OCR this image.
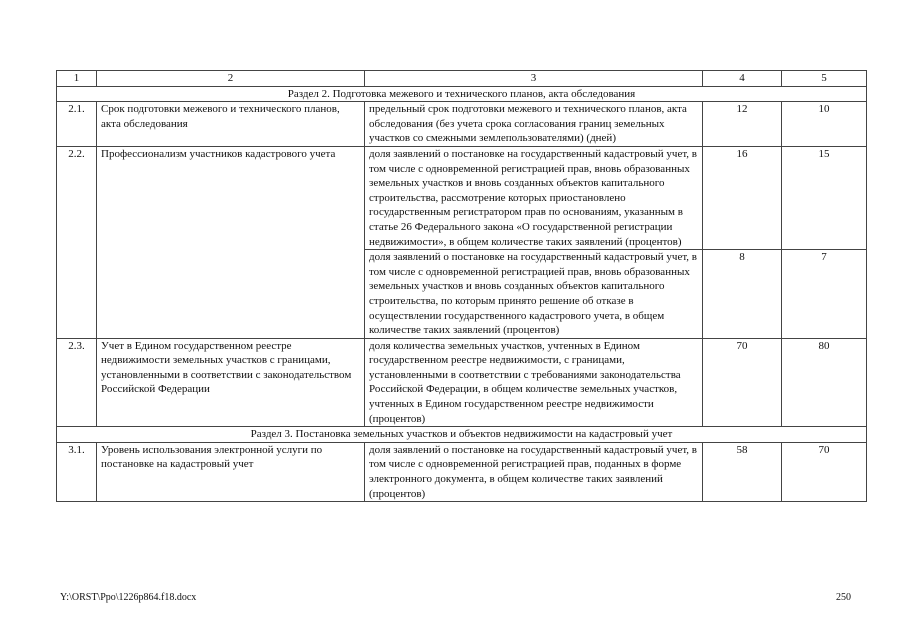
1	2	3	4	5
Раздел 2. Подготовка межевого и технического планов, акта обследования				
2.1.	Срок подготовки межевого и технического планов, акта обследования	предельный срок подготовки межевого и технического планов, акта обследования (без учета срока согласования границ земельных участков со смежными землепользователями) (дней)	12	10
2.2.	Профессионализм участников кадастрового учета	доля заявлений о постановке на государственный кадастровый учет, в том числе с одновременной регистрацией прав, вновь образованных земельных участков и вновь созданных объектов капитального строительства, рассмотрение которых приостановлено государственным регистратором прав по основаниям, указанным в статье 26 Федерального закона «О государственной регистрации недвижимости», в общем количестве таких заявлений (процентов)	16	15
		доля заявлений о постановке на государственный кадастровый учет, в том числе с одновременной регистрацией прав, вновь образованных земельных участков и вновь созданных объектов капитального строительства, по которым принято решение об отказе в осуществлении государственного кадастрового учета, в общем количестве таких заявлений (процентов)	8	7
2.3.	Учет в Едином государственном реестре недвижимости земельных участков с границами, установленными в соответствии с законодательством Российской Федерации	доля количества земельных участков, учтенных в Едином государственном реестре недвижимости, с границами, установленными в соответствии с требованиями законодательства Российской Федерации, в общем количестве земельных участков, учтенных в Едином государственном реестре недвижимости (процентов)	70	80
Раздел 3. Постановка земельных участков и объектов недвижимости на кадастровый учет				
3.1.	Уровень использования электронной услуги по постановке на кадастровый учет	доля заявлений о постановке на государственный кадастровый учет, в том числе с одновременной регистрацией прав, поданных в форме электронного документа, в общем количестве таких заявлений (процентов)	58	70
Y:\ORST\Ppo\1226p864.f18.docx	250
